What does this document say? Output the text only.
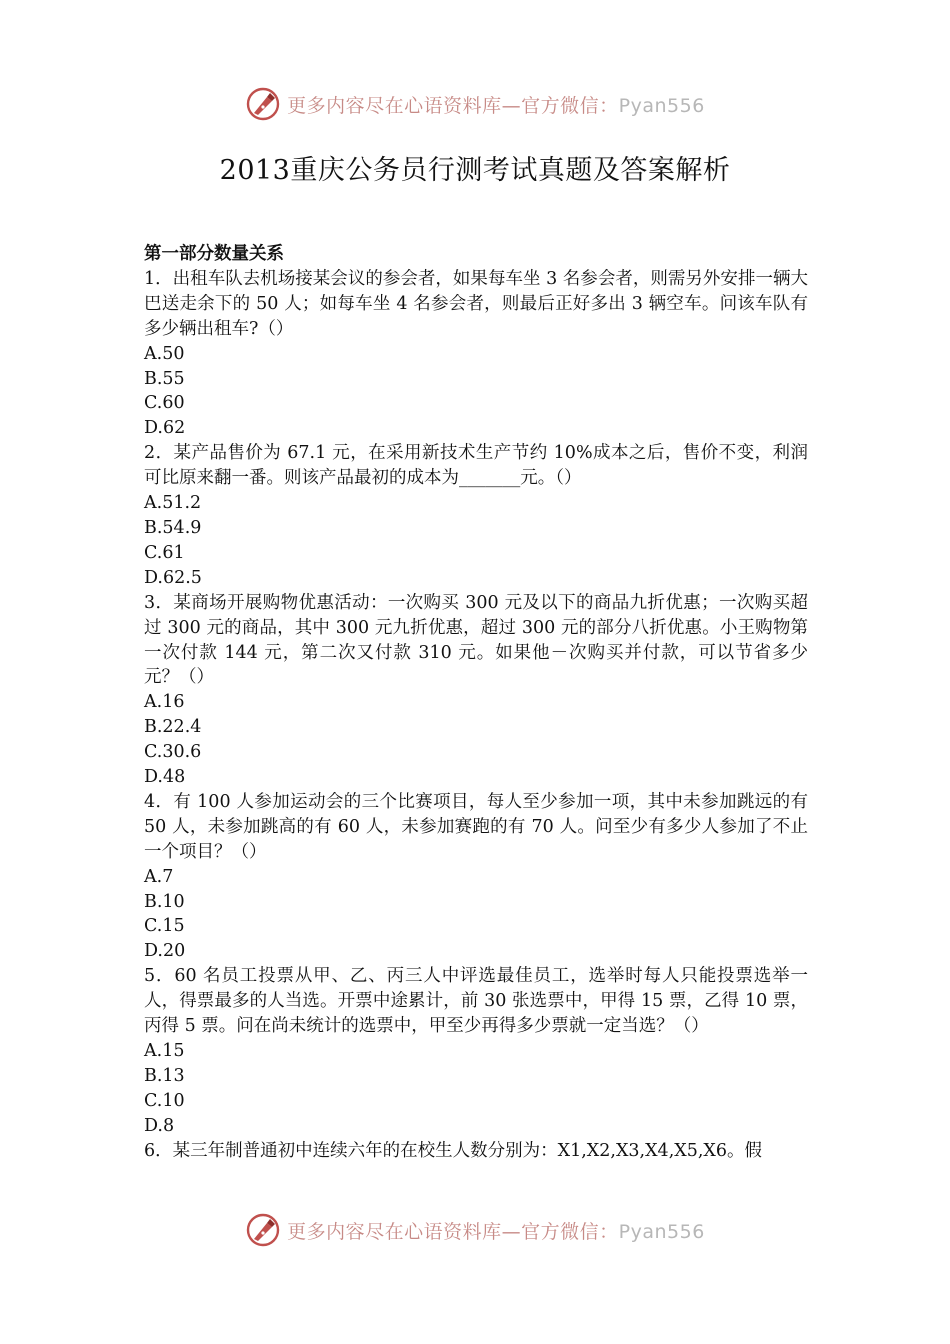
更多内容尽在心语资料库—官方微信：Pyan556
2013重庆公务员行测考试真题及答案解析
第一部分数量关系
1．出租车队去机场接某会议的参会者，如果每车坐 3 名参会者，则需另外安排一辆大巴送走余下的 50 人；如每车坐 4 名参会者，则最后正好多出 3 辆空车。问该车队有多少辆出租车?（）
A.50
B.55
C.60
D.62
2．某产品售价为 67.1 元，在采用新技术生产节约 10%成本之后，售价不变，利润可比原来翻一番。则该产品最初的成本为_______元。（）
A.51.2
B.54.9
C.61
D.62.5
3．某商场开展购物优惠活动：一次购买 300 元及以下的商品九折优惠；一次购买超过 300 元的商品，其中 300 元九折优惠，超过 300 元的部分八折优惠。小王购物第一次付款 144 元，第二次又付款 310 元。如果他－次购买并付款，可以节省多少元？（）
A.16
B.22.4
C.30.6
D.48
4．有 100 人参加运动会的三个比赛项目，每人至少参加一项，其中未参加跳远的有 50 人，未参加跳高的有 60 人，未参加赛跑的有 70 人。问至少有多少人参加了不止一个项目？（）
A.7
B.10
C.15
D.20
5．60 名员工投票从甲、乙、丙三人中评选最佳员工，选举时每人只能投票选举一人，得票最多的人当选。开票中途累计，前 30 张选票中，甲得 15 票，乙得 10 票，丙得 5 票。问在尚未统计的选票中，甲至少再得多少票就一定当选？（）
A.15
B.13
C.10
D.8
6．某三年制普通初中连续六年的在校生人数分别为：X1,X2,X3,X4,X5,X6。假
更多内容尽在心语资料库—官方微信：Pyan556
